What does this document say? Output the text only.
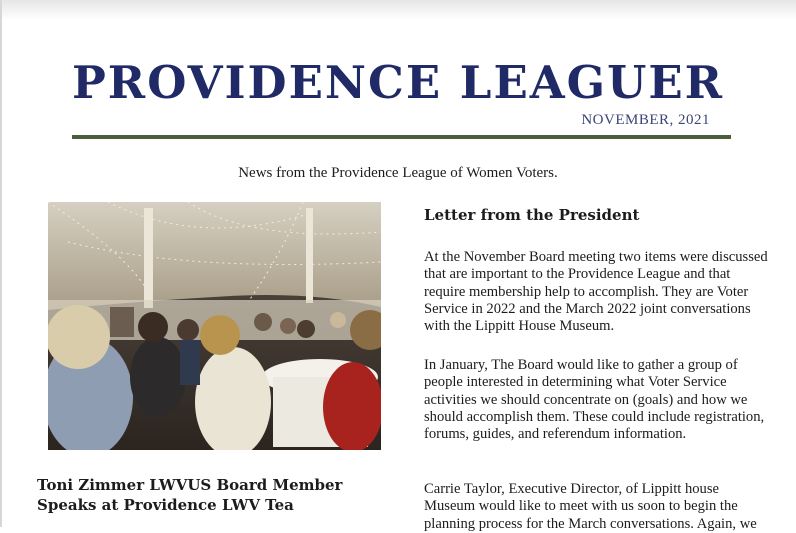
PROVIDENCE LEAGUER
NOVEMBER, 2021
News from the Providence League of Women Voters.
Toni Zimmer LWVUS Board Member Speaks at Providence LWV Tea
Letter from the President

At the November Board meeting two items were discussed that are important to the Providence League and that require membership help to accomplish. They are Voter Service in 2022 and the March 2022 joint conversations with the Lippitt House Museum.

In January, The Board would like to gather a group of people interested in determining what Voter Service activities we should concentrate on (goals) and how we should accomplish them. These could include registration, forums, guides, and referendum information.

Carrie Taylor, Executive Director, of Lippitt house Museum would like to meet with us soon to begin the planning process for the March conversations. Again, we
